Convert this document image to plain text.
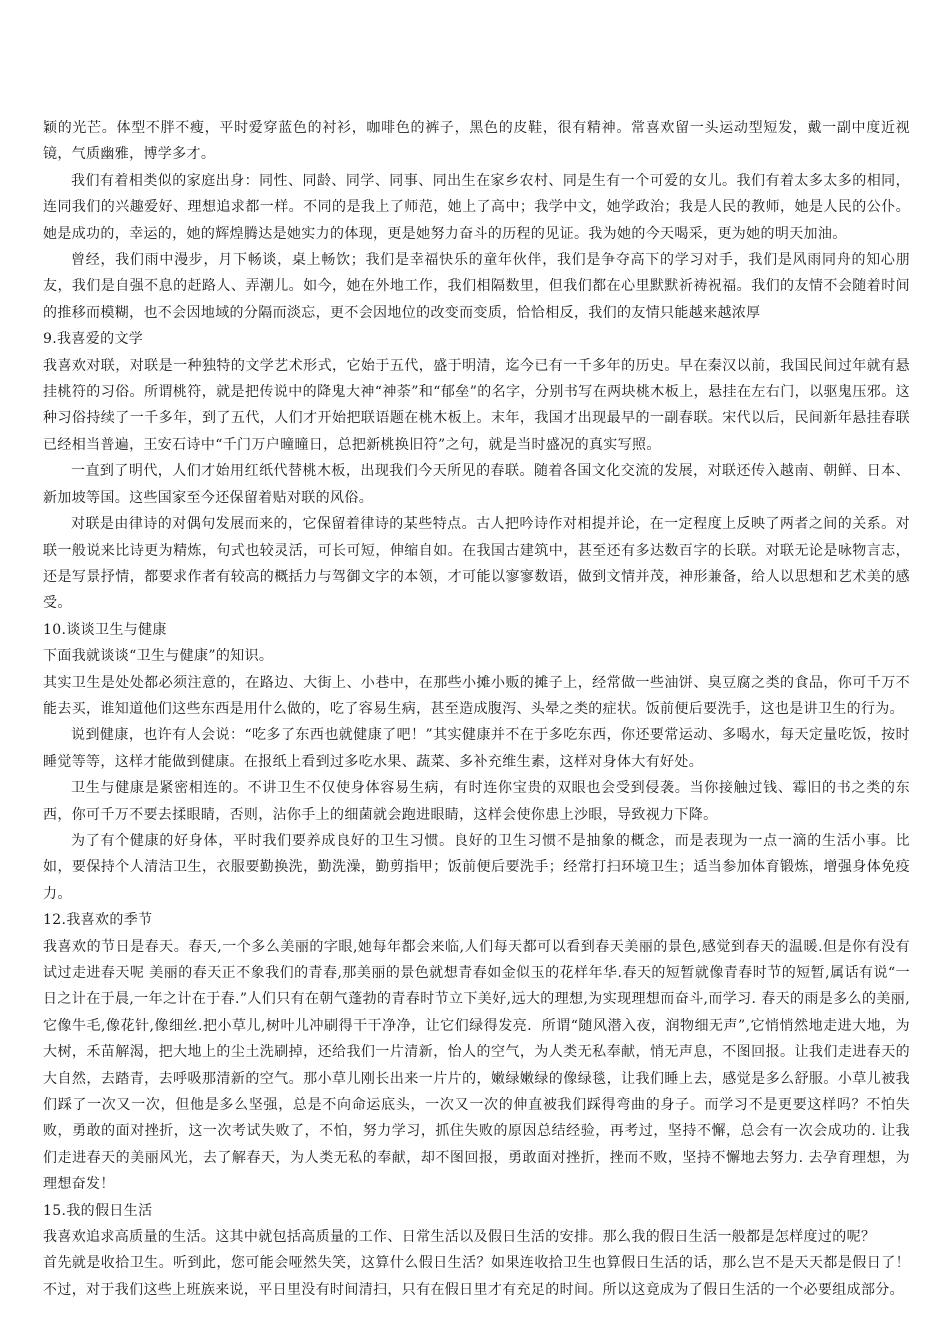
颖的光芒。体型不胖不瘦，平时爱穿蓝色的衬衫，咖啡色的裤子，黑色的皮鞋，很有精神。常喜欢留一头运动型短发，戴一副中度近视镜，气质幽雅，博学多才。

我们有着相类似的家庭出身：同性、同龄、同学、同事、同出生在家乡农村、同是生有一个可爱的女儿。我们有着太多太多的相同，连同我们的兴趣爱好、理想追求都一样。不同的是我上了师范，她上了高中；我学中文，她学政治；我是人民的教师，她是人民的公仆。她是成功的，幸运的，她的辉煌腾达是她实力的体现，更是她努力奋斗的历程的见证。我为她的今天喝采，更为她的明天加油。

曾经，我们雨中漫步，月下畅谈，桌上畅饮；我们是幸福快乐的童年伙伴，我们是争夺高下的学习对手，我们是风雨同舟的知心朋友，我们是自强不息的赶路人、弄潮儿。如今，她在外地工作，我们相隔数里，但我们都在心里默默祈祷祝福。我们的友情不会随着时间的推移而模糊，也不会因地域的分隔而淡忘，更不会因地位的改变而变质，恰恰相反，我们的友情只能越来越浓厚

9.我喜爱的文学

我喜欢对联，对联是一种独特的文学艺术形式，它始于五代，盛于明清，迄今已有一千多年的历史。早在秦汉以前，我国民间过年就有悬挂桃符的习俗。所谓桃符，就是把传说中的降鬼大神“神荼”和“郁垒”的名字，分别书写在两块桃木板上，悬挂在左右门，以驱鬼压邪。这种习俗持续了一千多年，到了五代，人们才开始把联语题在桃木板上。末年，我国才出现最早的一副春联。宋代以后，民间新年悬挂春联已经相当普遍，王安石诗中“千门万户曈曈日，总把新桃换旧符”之句，就是当时盛况的真实写照。

一直到了明代，人们才始用红纸代替桃木板，出现我们今天所见的春联。随着各国文化交流的发展，对联还传入越南、朝鲜、日本、新加坡等国。这些国家至今还保留着贴对联的风俗。

对联是由律诗的对偶句发展而来的，它保留着律诗的某些特点。古人把吟诗作对相提并论，在一定程度上反映了两者之间的关系。对联一般说来比诗更为精炼，句式也较灵活，可长可短，伸缩自如。在我国古建筑中，甚至还有多达数百字的长联。对联无论是咏物言志，还是写景抒情，都要求作者有较高的概括力与驾御文字的本领，才可能以寥寥数语，做到文情并茂，神形兼备，给人以思想和艺术美的感受。

10.谈谈卫生与健康

下面我就谈谈“卫生与健康”的知识。

其实卫生是处处都必须注意的，在路边、大街上、小巷中，在那些小摊小贩的摊子上，经常做一些油饼、臭豆腐之类的食品，你可千万不能去买，谁知道他们这些东西是用什么做的，吃了容易生病，甚至造成腹泻、头晕之类的症状。饭前便后要洗手，这也是讲卫生的行为。

说到健康，也许有人会说：“吃多了东西也就健康了吧！”其实健康并不在于多吃东西，你还要常运动、多喝水，每天定量吃饭，按时睡觉等等，这样才能做到健康。在报纸上看到过多吃水果、蔬菜、多补充维生素，这样对身体大有好处。

卫生与健康是紧密相连的。不讲卫生不仅使身体容易生病，有时连你宝贵的双眼也会受到侵袭。当你接触过钱、霉旧的书之类的东西，你可千万不要去揉眼睛，否则，沾你手上的细菌就会跑进眼睛，这样会使你患上沙眼，导致视力下降。

为了有个健康的好身体，平时我们要养成良好的卫生习惯。良好的卫生习惯不是抽象的概念，而是表现为一点一滴的生活小事。比如，要保持个人清洁卫生，衣服要勤换洗，勤洗澡，勤剪指甲；饭前便后要洗手；经常打扫环境卫生；适当参加体育锻炼，增强身体免疫力。

12.我喜欢的季节

我喜欢的节日是春天。春天,一个多么美丽的字眼,她每年都会来临,人们每天都可以看到春天美丽的景色,感觉到春天的温暖.但是你有没有试过走进春天呢 美丽的春天正不象我们的青春,那美丽的景色就想青春如金似玉的花样年华.春天的短暂就像青春时节的短暂,属话有说“一日之计在于晨,一年之计在于春.”人们只有在朝气蓬勃的青春时节立下美好,远大的理想,为实现理想而奋斗,而学习. 春天的雨是多么的美丽,它像牛毛,像花针,像细丝.把小草儿,树叶儿冲刷得干干净净，让它们绿得发亮．所谓“随风潜入夜，润物细无声”,它悄悄然地走进大地，为大树，禾苗解渴，把大地上的尘土洗刷掉，还给我们一片清新，怡人的空气，为人类无私奉献，悄无声息，不图回报。让我们走进春天的大自然，去踏青，去呼吸那清新的空气。那小草儿刚长出来一片片的，嫩绿嫩绿的像绿毯，让我们睡上去，感觉是多么舒服。小草儿被我们踩了一次又一次，但他是多么坚强，总是不向命运底头，一次又一次的伸直被我们踩得弯曲的身子。而学习不是更要这样吗？不怕失败，勇敢的面对挫折，这一次考试失败了，不怕，努力学习，抓住失败的原因总结经验，再考过，坚持不懈，总会有一次会成功的. 让我们走进春天的美丽风光，去了解春天，为人类无私的奉献，却不图回报，勇敢面对挫折，挫而不败，坚持不懈地去努力. 去孕育理想，为理想奋发！

15.我的假日生活

我喜欢追求高质量的生活。这其中就包括高质量的工作、日常生活以及假日生活的安排。那么我的假日生活一般都是怎样度过的呢？

首先就是收拾卫生。听到此，您可能会哑然失笑，这算什么假日生活？如果连收拾卫生也算假日生活的话，那么岂不是天天都是假日了！不过，对于我们这些上班族来说，平日里没有时间清扫，只有在假日里才有充足的时间。所以这竟成为了假日生活的一个必要组成部分。
